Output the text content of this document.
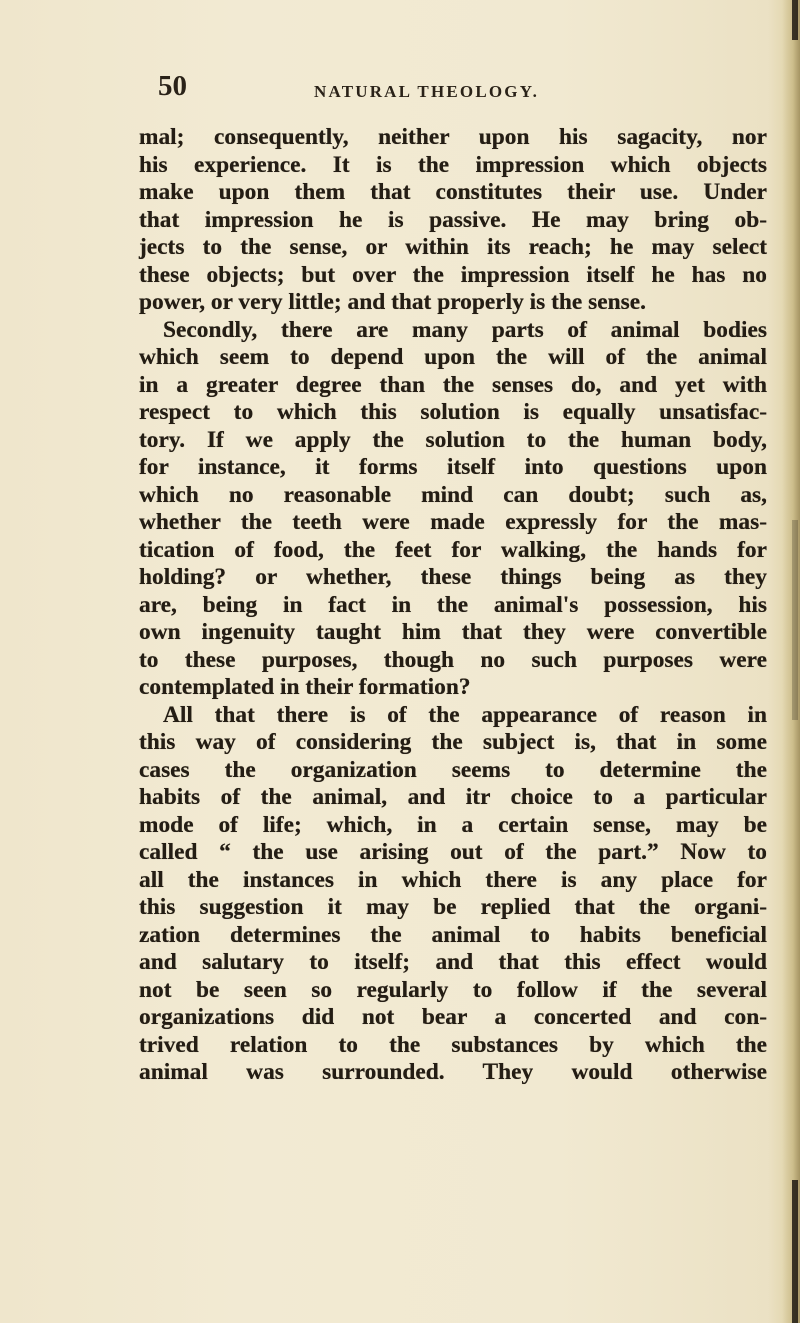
50	NATURAL THEOLOGY.
mal; consequently, neither upon his sagacity, nor
his experience. It is the impression which objects
make upon them that constitutes their use. Under
that impression he is passive. He may bring ob-
jects to the sense, or within its reach; he may select
these objects; but over the impression itself he has no
power, or very little; and that properly is the sense.
Secondly, there are many parts of animal bodies
which seem to depend upon the will of the animal
in a greater degree than the senses do, and yet with
respect to which this solution is equally unsatisfac-
tory. If we apply the solution to the human body,
for instance, it forms itself into questions upon
which no reasonable mind can doubt; such as,
whether the teeth were made expressly for the mas-
tication of food, the feet for walking, the hands for
holding? or whether, these things being as they
are, being in fact in the animal's possession, his
own ingenuity taught him that they were convertible
to these purposes, though no such purposes were
contemplated in their formation?
All that there is of the appearance of reason in
this way of considering the subject is, that in some
cases the organization seems to determine the
habits of the animal, and itr choice to a particular
mode of life; which, in a certain sense, may be
called “ the use arising out of the part.” Now to
all the instances in which there is any place for
this suggestion it may be replied that the organi-
zation determines the animal to habits beneficial
and salutary to itself; and that this effect would
not be seen so regularly to follow if the several
organizations did not bear a concerted and con-
trived relation to the substances by which the
animal was surrounded. They would otherwise
